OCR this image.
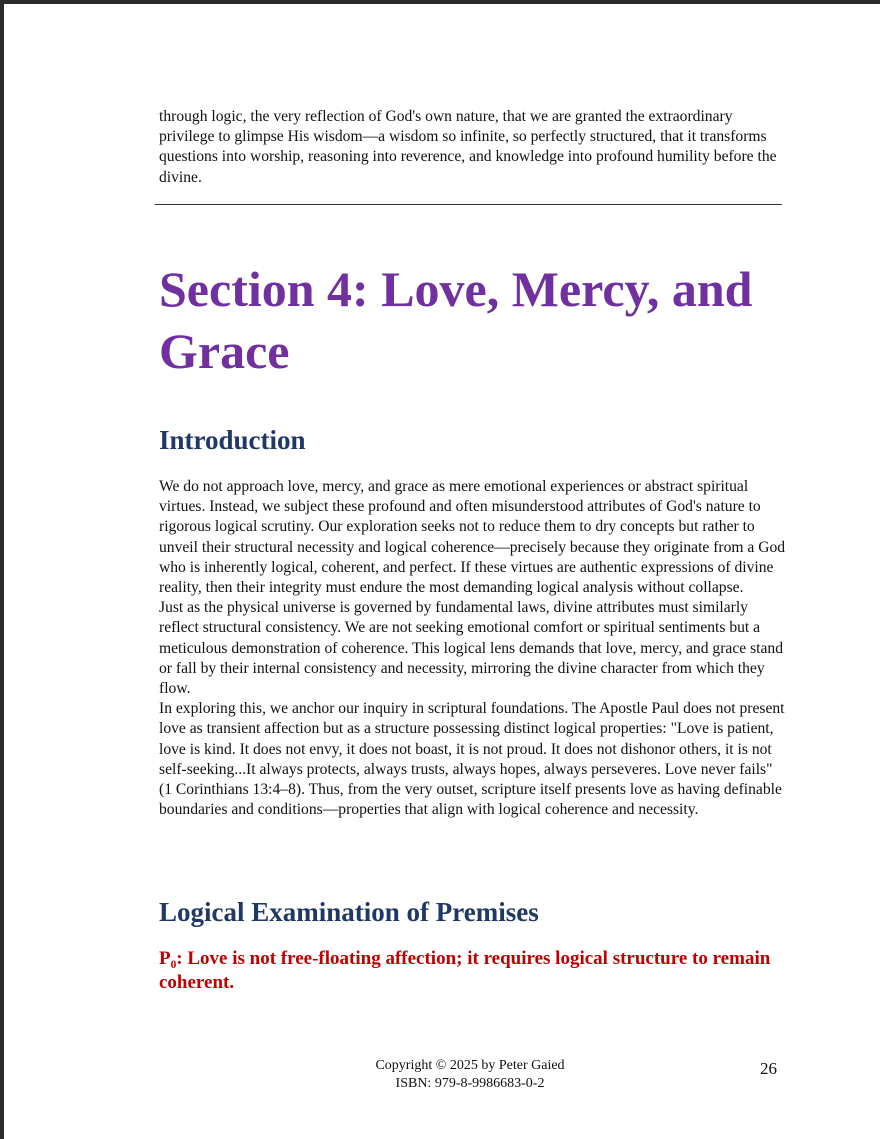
through logic, the very reflection of God's own nature, that we are granted the extraordinary privilege to glimpse His wisdom—a wisdom so infinite, so perfectly structured, that it transforms questions into worship, reasoning into reverence, and knowledge into profound humility before the divine.

Section 4: Love, Mercy, and Grace
Introduction

We do not approach love, mercy, and grace as mere emotional experiences or abstract spiritual virtues. Instead, we subject these profound and often misunderstood attributes of God's nature to rigorous logical scrutiny. Our exploration seeks not to reduce them to dry concepts but rather to unveil their structural necessity and logical coherence—precisely because they originate from a God who is inherently logical, coherent, and perfect. If these virtues are authentic expressions of divine reality, then their integrity must endure the most demanding logical analysis without collapse.

Just as the physical universe is governed by fundamental laws, divine attributes must similarly reflect structural consistency. We are not seeking emotional comfort or spiritual sentiments but a meticulous demonstration of coherence. This logical lens demands that love, mercy, and grace stand or fall by their internal consistency and necessity, mirroring the divine character from which they flow.

In exploring this, we anchor our inquiry in scriptural foundations. The Apostle Paul does not present love as transient affection but as a structure possessing distinct logical properties: "Love is patient, love is kind. It does not envy, it does not boast, it is not proud. It does not dishonor others, it is not self-seeking...It always protects, always trusts, always hopes, always perseveres. Love never fails" (1 Corinthians 13:4–8). Thus, from the very outset, scripture itself presents love as having definable boundaries and conditions—properties that align with logical coherence and necessity.

Logical Examination of Premises

P₀: Love is not free-floating affection; it requires logical structure to remain coherent.

Copyright © 2025 by Peter Gaied
ISBN: 979-8-9986683-0-2
26
